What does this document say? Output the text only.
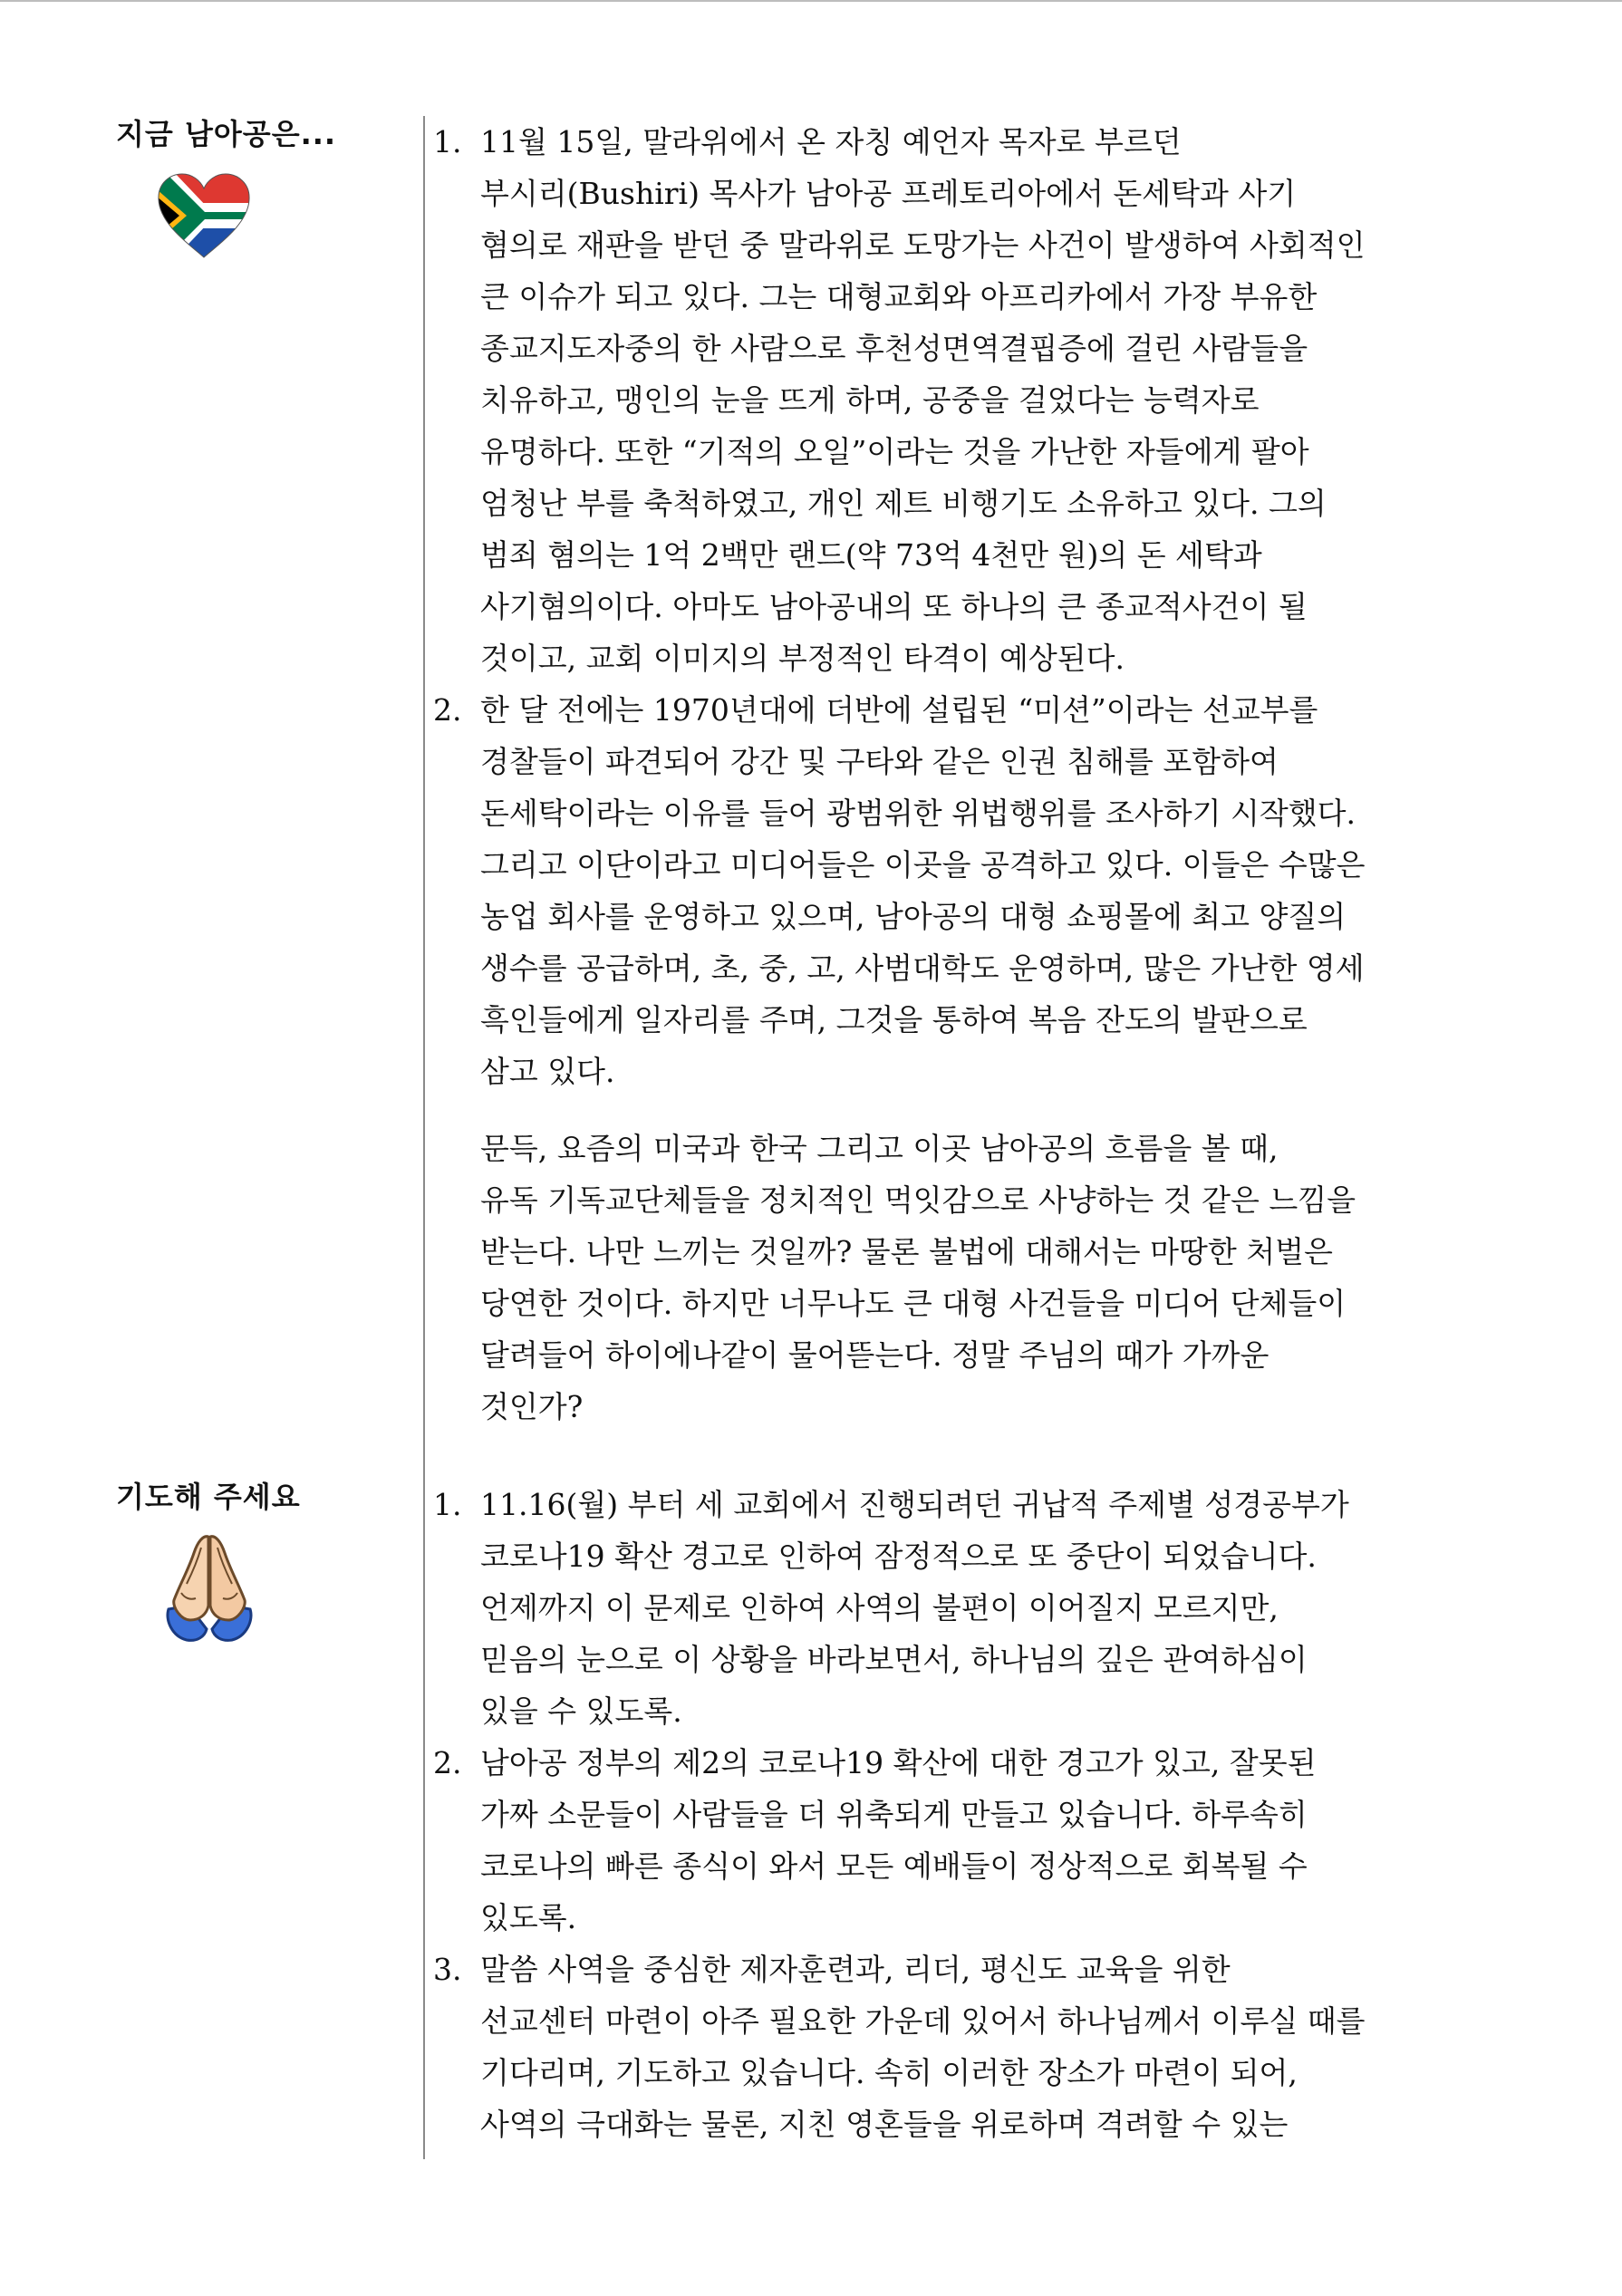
지금 남아공은...	1. 11월 15일, 말라위에서 온 자칭 예언자 목자로 부르던
부시리(Bushiri) 목사가 남아공 프레토리아에서 돈세탁과 사기
혐의로 재판을 받던 중 말라위로 도망가는 사건이 발생하여 사회적인
큰 이슈가 되고 있다. 그는 대형교회와 아프리카에서 가장 부유한
종교지도자중의 한 사람으로 후천성면역결핍증에 걸린 사람들을
치유하고, 맹인의 눈을 뜨게 하며, 공중을 걸었다는 능력자로
유명하다. 또한 “기적의 오일”이라는 것을 가난한 자들에게 팔아
엄청난 부를 축척하였고, 개인 제트 비행기도 소유하고 있다. 그의
범죄 혐의는 1억 2백만 랜드(약 73억 4천만 원)의 돈 세탁과
사기혐의이다. 아마도 남아공내의 또 하나의 큰 종교적사건이 될
것이고, 교회 이미지의 부정적인 타격이 예상된다.
2. 한 달 전에는 1970년대에 더반에 설립된 “미션”이라는 선교부를
경찰들이 파견되어 강간 및 구타와 같은 인권 침해를 포함하여
돈세탁이라는 이유를 들어 광범위한 위법행위를 조사하기 시작했다.
그리고 이단이라고 미디어들은 이곳을 공격하고 있다. 이들은 수많은
농업 회사를 운영하고 있으며, 남아공의 대형 쇼핑몰에 최고 양질의
생수를 공급하며, 초, 중, 고, 사범대학도 운영하며, 많은 가난한 영세
흑인들에게 일자리를 주며, 그것을 통하여 복음 잔도의 발판으로
삼고 있다.
문득, 요즘의 미국과 한국 그리고 이곳 남아공의 흐름을 볼 때,
유독 기독교단체들을 정치적인 먹잇감으로 사냥하는 것 같은 느낌을
받는다. 나만 느끼는 것일까? 물론 불법에 대해서는 마땅한 처벌은
당연한 것이다. 하지만 너무나도 큰 대형 사건들을 미디어 단체들이
달려들어 하이에나같이 물어뜯는다. 정말 주님의 때가 가까운
것인가?
기도해 주세요	1. 11.16(월) 부터 세 교회에서 진행되려던 귀납적 주제별 성경공부가
코로나19 확산 경고로 인하여 잠정적으로 또 중단이 되었습니다.
언제까지 이 문제로 인하여 사역의 불편이 이어질지 모르지만,
믿음의 눈으로 이 상황을 바라보면서, 하나님의 깊은 관여하심이
있을 수 있도록.
2. 남아공 정부의 제2의 코로나19 확산에 대한 경고가 있고, 잘못된
가짜 소문들이 사람들을 더 위축되게 만들고 있습니다. 하루속히
코로나의 빠른 종식이 와서 모든 예배들이 정상적으로 회복될 수
있도록.
3. 말씀 사역을 중심한 제자훈련과, 리더, 평신도 교육을 위한
선교센터 마련이 아주 필요한 가운데 있어서 하나님께서 이루실 때를
기다리며, 기도하고 있습니다. 속히 이러한 장소가 마련이 되어,
사역의 극대화는 물론, 지친 영혼들을 위로하며 격려할 수 있는
